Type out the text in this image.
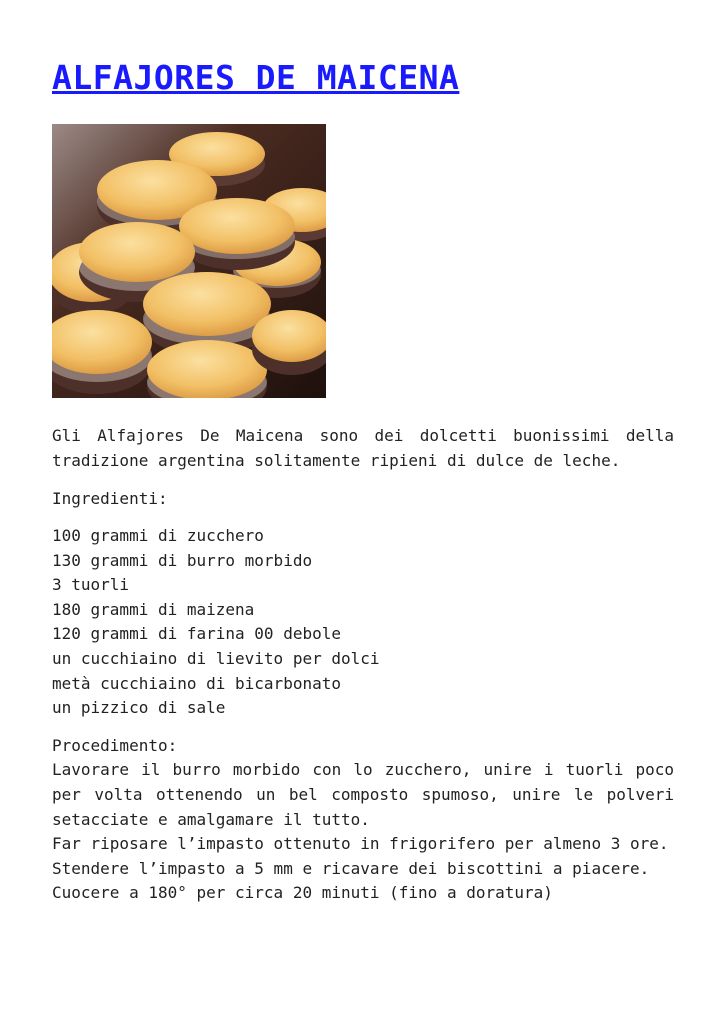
ALFAJORES DE MAICENA

Gli Alfajores De Maicena sono dei dolcetti buonissimi della tradizione argentina solitamente ripieni di dulce de leche.

Ingredienti:

100 grammi di zucchero
130 grammi di burro morbido
3 tuorli
180 grammi di maizena
120 grammi di farina 00 debole
un cucchiaino di lievito per dolci
metà cucchiaino di bicarbonato
un pizzico di sale
Procedimento:
Lavorare il burro morbido con lo zucchero, unire i tuorli poco per volta ottenendo un bel composto spumoso, unire le polveri setacciate e amalgamare il tutto.
Far riposare l’impasto ottenuto in frigorifero per almeno 3 ore.
Stendere l’impasto a 5 mm e ricavare dei biscottini a piacere.
Cuocere a 180° per circa 20 minuti (fino a doratura)
